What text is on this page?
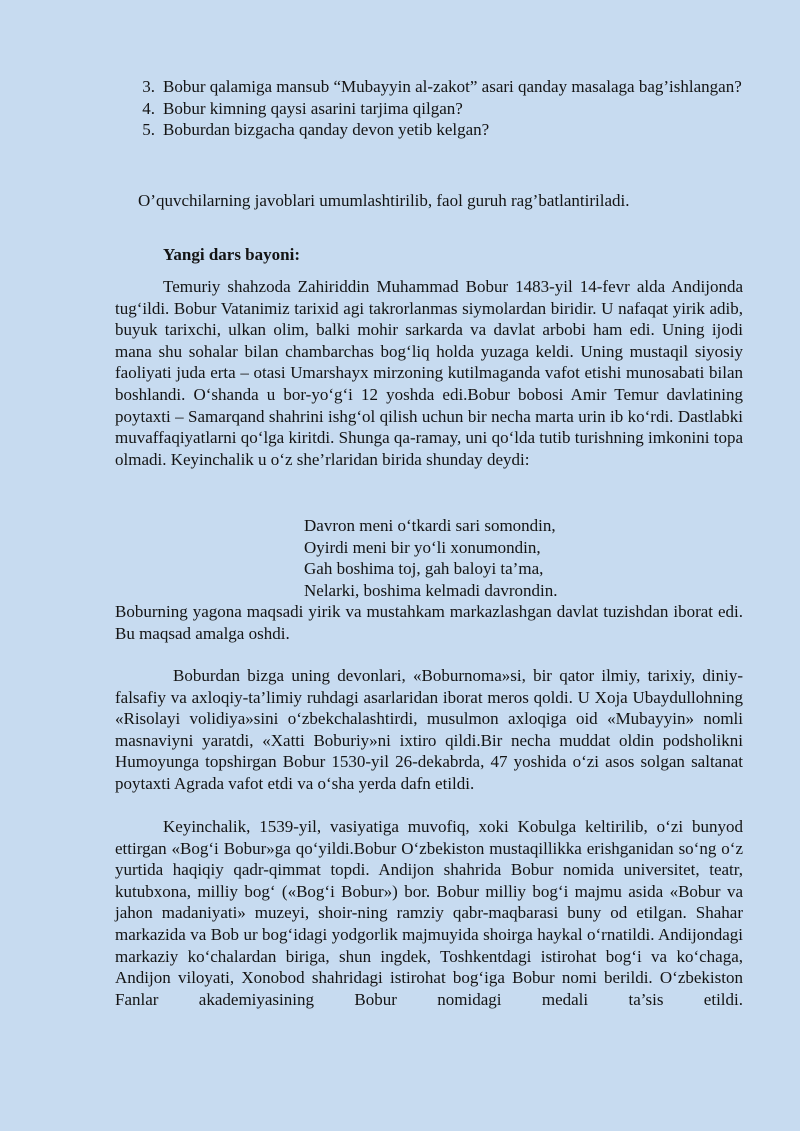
3. Bobur qalamiga mansub “Mubayyin al-zakot” asari qanday masalaga bag’ishlangan?
4. Bobur kimning qaysi asarini tarjima qilgan?
5. Boburdan bizgacha qanday devon yetib kelgan?
O’quvchilarning javoblari umumlashtirilib, faol guruh rag’batlantiriladi.
Yangi dars bayoni:
Temuriy shahzoda Zahiriddin Muhammad Bobur 1483-yil 14-fevr alda Andijonda tug‘ildi. Bobur Vatanimiz tarixid agi takrorlanmas siymolardan biridir. U nafaqat yirik adib, buyuk tarixchi, ulkan olim, balki mohir sarkarda va davlat arbobi ham edi. Uning ijodi mana shu sohalar bilan chambarchas bog‘liq holda yuzaga keldi. Uning mustaqil siyosiy faoliyati juda erta – otasi Umarshayx mirzoning kutilmaganda vafot etishi munosabati bilan boshlandi. O‘shanda u bor-yo‘g‘i 12 yoshda edi.Bobur bobosi Amir Temur davlatining poytaxti – Samarqand shahrini ishg‘ol qilish uchun bir necha marta urin ib ko‘rdi. Dastlabki muvaffaqiyatlarni qo‘lga kiritdi. Shunga qa-ramay, uni qo‘lda tutib turishning imkonini topa olmadi. Keyinchalik u o‘z she’rlaridan birida shunday deydi:
Davron meni o‘tkardi sari somondin,
Oyirdi meni bir yo‘li xonumondin,
Gah boshima toj, gah baloyi ta’ma,
Nelarki, boshima kelmadi davrondin.
Boburning yagona maqsadi yirik va mustahkam markazlashgan davlat tuzishdan iborat edi. Bu maqsad amalga oshdi.
Boburdan bizga uning devonlari, «Boburnoma»si, bir qator ilmiy, tarixiy, diniy-falsafiy va axloqiy-ta’limiy ruhdagi asarlaridan iborat meros qoldi. U Xoja Ubaydullohning «Risolayi volidiya»sini o‘zbekchalashtirdi, musulmon axloqiga oid «Mubayyin» nomli masnaviyni yaratdi, «Xatti Boburiy»ni ixtiro qildi.Bir necha muddat oldin podsholikni Humoyunga topshirgan Bobur 1530-yil 26-dekabrda, 47 yoshida o‘zi asos solgan saltanat poytaxti Agrada vafot etdi va o‘sha yerda dafn etildi.
Keyinchalik, 1539-yil, vasiyatiga muvofiq, xoki Kobulga keltirilib, o‘zi bunyod ettirgan «Bog‘i Bobur»ga qo‘yildi.Bobur O‘zbekiston mustaqillikka erishganidan so‘ng o‘z yurtida haqiqiy qadr-qimmat topdi. Andijon shahrida Bobur nomida universitet, teatr, kutubxona, milliy bog‘ («Bog‘i Bobur») bor. Bobur milliy bog‘i majmu asida «Bobur va jahon madaniyati» muzeyi, shoir-ning ramziy qabr-maqbarasi buny od etilgan. Shahar markazida va Bob ur bog‘idagi yodgorlik majmuyida shoirga haykal o‘rnatildi. Andijondagi markaziy ko‘chalardan biriga, shun ingdek, Toshkentdagi istirohat bog‘i va ko‘chaga, Andijon viloyati, Xonobod shahridagi istirohat bog‘iga Bobur nomi berildi. O‘zbekiston Fanlar akademiyasining Bobur nomidagi medali ta’sis etildi.
